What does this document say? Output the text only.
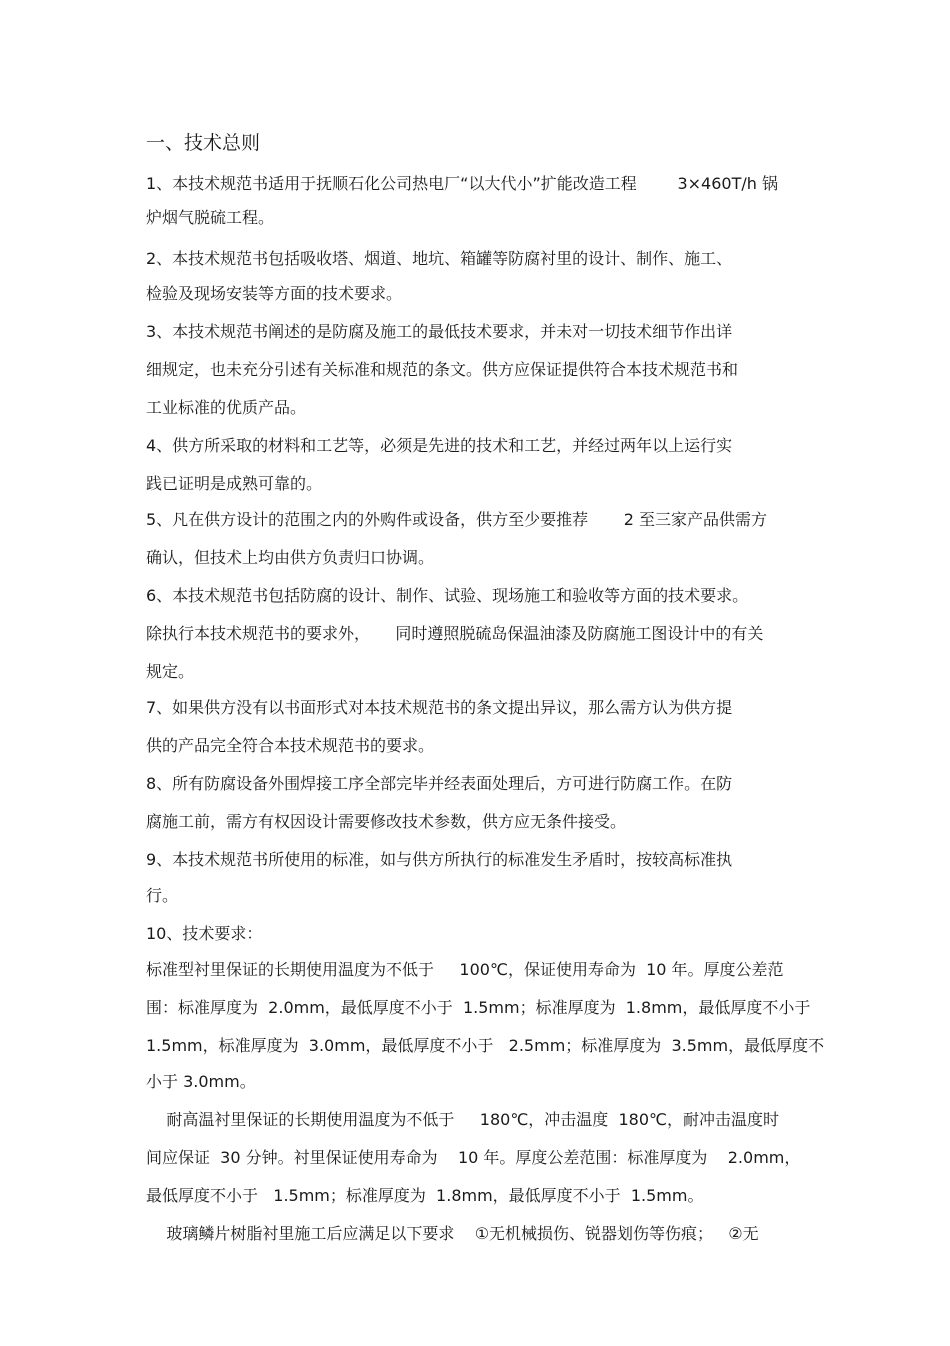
一、技术总则
1、本技术规范书适用于抚顺石化公司热电厂“以大代小”扩能改造工程        3×460T/h 锅
炉烟气脱硫工程。
2、本技术规范书包括吸收塔、烟道、地坑、箱罐等防腐衬里的设计、制作、施工、
检验及现场安装等方面的技术要求。
3、本技术规范书阐述的是防腐及施工的最低技术要求，并未对一切技术细节作出详
细规定，也未充分引述有关标准和规范的条文。供方应保证提供符合本技术规范书和
工业标准的优质产品。
4、供方所采取的材料和工艺等，必须是先进的技术和工艺，并经过两年以上运行实
践已证明是成熟可靠的。
5、凡在供方设计的范围之内的外购件或设备，供方至少要推荐       2 至三家产品供需方
确认，但技术上均由供方负责归口协调。
6、本技术规范书包括防腐的设计、制作、试验、现场施工和验收等方面的技术要求。
除执行本技术规范书的要求外，     同时遵照脱硫岛保温油漆及防腐施工图设计中的有关
规定。
7、如果供方没有以书面形式对本技术规范书的条文提出异议，那么需方认为供方提
供的产品完全符合本技术规范书的要求。
8、所有防腐设备外围焊接工序全部完毕并经表面处理后，方可进行防腐工作。在防
腐施工前，需方有权因设计需要修改技术参数，供方应无条件接受。
9、本技术规范书所使用的标准，如与供方所执行的标准发生矛盾时，按较高标准执
行。
10、技术要求：
标准型衬里保证的长期使用温度为不低于     100℃，保证使用寿命为  10 年。厚度公差范
围：标准厚度为  2.0mm，最低厚度不小于  1.5mm；标准厚度为  1.8mm，最低厚度不小于
1.5mm，标准厚度为  3.0mm，最低厚度不小于   2.5mm；标准厚度为  3.5mm，最低厚度不
小于 3.0mm。
耐高温衬里保证的长期使用温度为不低于     180℃，冲击温度  180℃，耐冲击温度时
间应保证  30 分钟。衬里保证使用寿命为    10 年。厚度公差范围：标准厚度为    2.0mm，
最低厚度不小于   1.5mm；标准厚度为  1.8mm，最低厚度不小于  1.5mm。
玻璃鳞片树脂衬里施工后应满足以下要求    ①无机械损伤、锐器划伤等伤痕；   ②无
